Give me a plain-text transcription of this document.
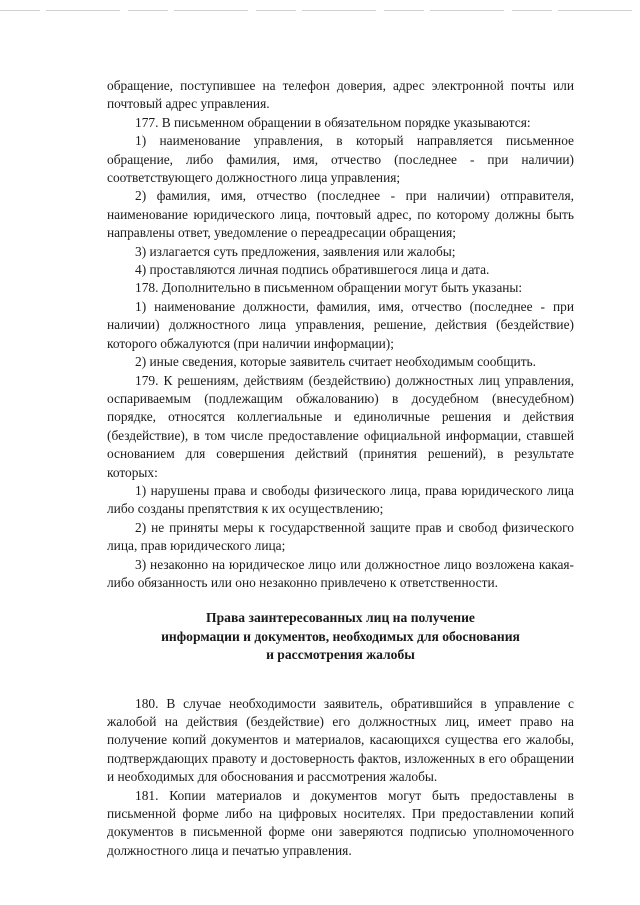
обращение, поступившее на телефон доверия, адрес электронной почты или почтовый адрес управления.

177. В письменном обращении в обязательном порядке указываются:

1) наименование управления, в который направляется письменное обращение, либо фамилия, имя, отчество (последнее - при наличии) соответствующего должностного лица управления;

2) фамилия, имя, отчество (последнее - при наличии) отправителя, наименование юридического лица, почтовый адрес, по которому должны быть направлены ответ, уведомление о переадресации обращения;

3) излагается суть предложения, заявления или жалобы;

4) проставляются личная подпись обратившегося лица и дата.

178. Дополнительно в письменном обращении могут быть указаны:

1) наименование должности, фамилия, имя, отчество (последнее - при наличии) должностного лица управления, решение, действия (бездействие) которого обжалуются (при наличии информации);

2) иные сведения, которые заявитель считает необходимым сообщить.

179. К решениям, действиям (бездействию) должностных лиц управления, оспариваемым (подлежащим обжалованию) в досудебном (внесудебном) порядке, относятся коллегиальные и единоличные решения и действия (бездействие), в том числе предоставление официальной информации, ставшей основанием для совершения действий (принятия решений), в результате которых:

1) нарушены права и свободы физического лица, права юридического лица либо созданы препятствия к их осуществлению;

2) не приняты меры к государственной защите прав и свобод физического лица, прав юридического лица;

3) незаконно на юридическое лицо или должностное лицо возложена какая-либо обязанность или оно незаконно привлечено к ответственности.

Права заинтересованных лиц на получение
информации и документов, необходимых для обоснования
и рассмотрения жалобы

180. В случае необходимости заявитель, обратившийся в управление с жалобой на действия (бездействие) его должностных лиц, имеет право на получение копий документов и материалов, касающихся существа его жалобы, подтверждающих правоту и достоверность фактов, изложенных в его обращении и необходимых для обоснования и рассмотрения жалобы.

181. Копии материалов и документов могут быть предоставлены в письменной форме либо на цифровых носителях. При предоставлении копий документов в письменной форме они заверяются подписью уполномоченного должностного лица и печатью управления.
